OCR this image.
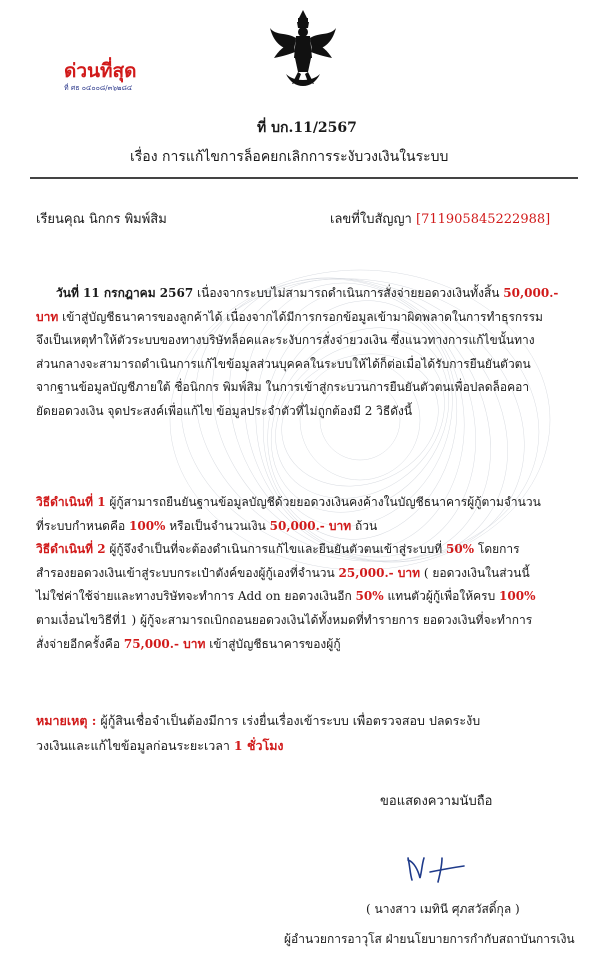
ด่วนที่สุด
ที่ ศธ ๐๔๐๐๘/๓๖๒๘๔
ที่ บก.11/2567
เรื่อง การแก้ไขการล็อคยกเลิกการระงับวงเงินในระบบ
เรียนคุณ นิกกร พิมพ์สิม	เลขที่ใบสัญญา [711905845222988]
วันที่ 11 กรกฎาคม 2567 เนื่องจากระบบไม่สามารถดำเนินการสั่งจ่ายยอดวงเงินทั้งสิ้น 50,000.-
บาท เข้าสู่บัญชีธนาคารของลูกค้าได้ เนื่องจากได้มีการกรอกข้อมูลเข้ามาผิดพลาดในการทำธุรกรรม
จึงเป็นเหตุทำให้ตัวระบบของทางบริษัทล็อคและระงับการสั่งจ่ายวงเงิน ซึ่งแนวทางการแก้ไขนั้นทาง
ส่วนกลางจะสามารถดำเนินการแก้ไขข้อมูลส่วนบุคคลในระบบให้ได้ก็ต่อเมื่อได้รับการยืนยันตัวตน
จากฐานข้อมูลบัญชีภายใต้ ชื่อนิกกร พิมพ์สิม ในการเข้าสู่กระบวนการยืนยันตัวตนเพื่อปลดล็อคอา
ยัดยอดวงเงิน จุดประสงค์เพื่อแก้ไข ข้อมูลประจำตัวที่ไม่ถูกต้องมี 2 วิธีดังนี้
วิธีดำเนินที่ 1 ผู้กู้สามารถยืนยันฐานข้อมูลบัญชีด้วยยอดวงเงินคงค้างในบัญชีธนาคารผู้กู้ตามจำนวน
ที่ระบบกำหนดคือ 100% หรือเป็นจำนวนเงิน 50,000.- บาท ถ้วน
วิธีดำเนินที่ 2 ผู้กู้จึงจำเป็นที่จะต้องดำเนินการแก้ไขและยืนยันตัวตนเข้าสู่ระบบที่ 50% โดยการ
สำรองยอดวงเงินเข้าสู่ระบบกระเป๋าตังค์ของผู้กู้เองที่จำนวน 25,000.- บาท ( ยอดวงเงินในส่วนนี้
ไม่ใช่ค่าใช้จ่ายและทางบริษัทจะทำการ Add on ยอดวงเงินอีก 50% แทนตัวผู้กู้เพื่อให้ครบ 100%
ตามเงื่อนไขวิธีที่1 ) ผู้กู้จะสามารถเบิกถอนยอดวงเงินได้ทั้งหมดที่ทำรายการ ยอดวงเงินที่จะทำการ
สั่งจ่ายอีกครั้งคือ 75,000.- บาท เข้าสู่บัญชีธนาคารของผู้กู้
หมายเหตุ : ผู้กู้สินเชื่อจำเป็นต้องมีการ เร่งยื่นเรื่องเข้าระบบ เพื่อตรวจสอบ ปลดระงับ
วงเงินและแก้ไขข้อมูลก่อนระยะเวลา 1 ชั่วโมง
ขอแสดงความนับถือ
( นางสาว เมทินี ศุภสวัสดิ์กุล )
ผู้อำนวยการอาวุโส ฝ่ายนโยบายการกำกับสถาบันการเงิน
